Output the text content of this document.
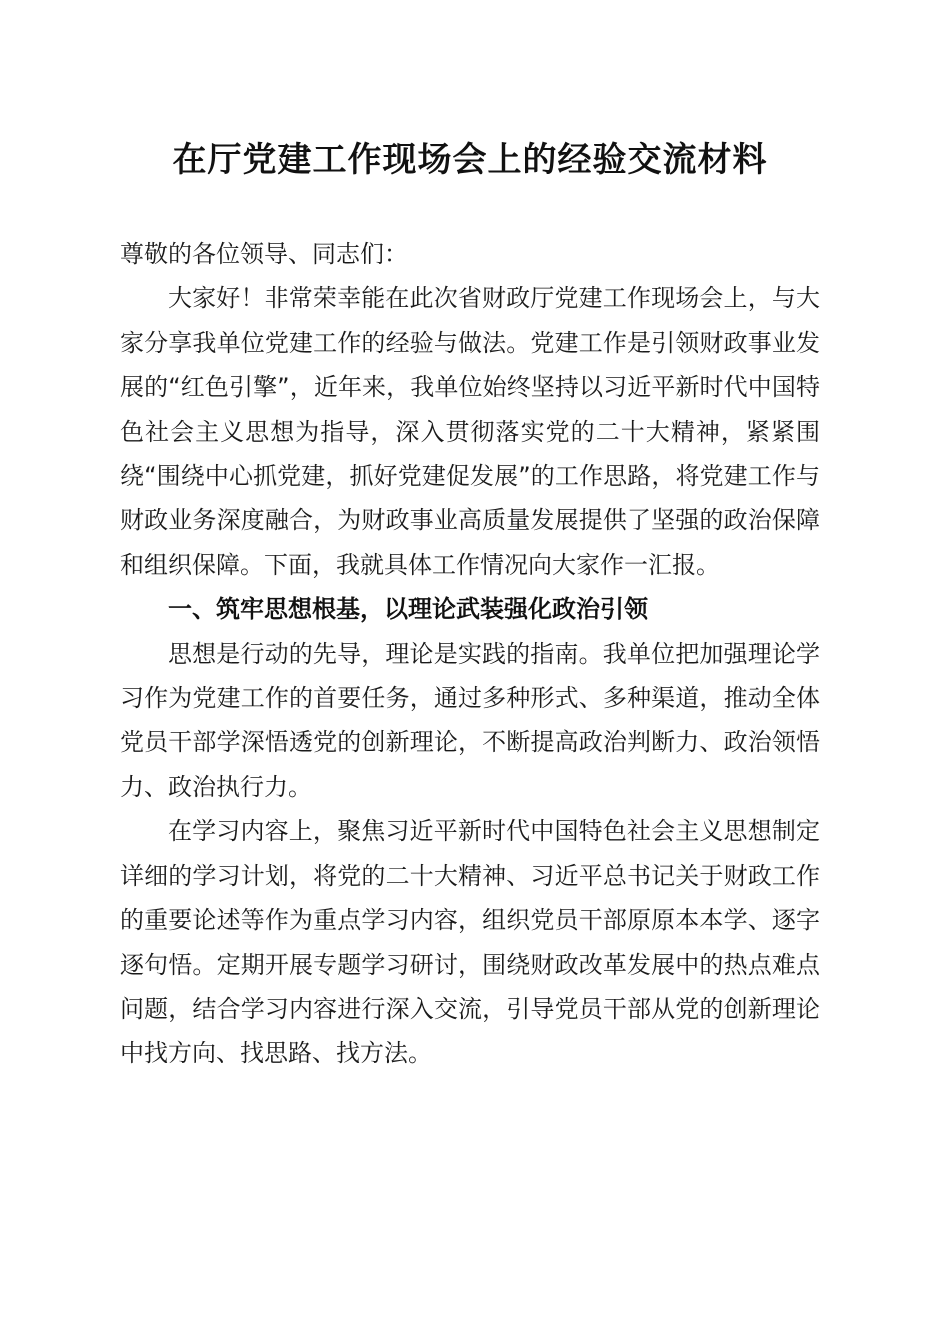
在厅党建工作现场会上的经验交流材料

尊敬的各位领导、同志们：

大家好！非常荣幸能在此次省财政厅党建工作现场会上，与大家分享我单位党建工作的经验与做法。党建工作是引领财政事业发展的“红色引擎”，近年来，我单位始终坚持以习近平新时代中国特色社会主义思想为指导，深入贯彻落实党的二十大精神，紧紧围绕“围绕中心抓党建，抓好党建促发展”的工作思路，将党建工作与财政业务深度融合，为财政事业高质量发展提供了坚强的政治保障和组织保障。下面，我就具体工作情况向大家作一汇报。

一、筑牢思想根基，以理论武装强化政治引领

思想是行动的先导，理论是实践的指南。我单位把加强理论学习作为党建工作的首要任务，通过多种形式、多种渠道，推动全体党员干部学深悟透党的创新理论，不断提高政治判断力、政治领悟力、政治执行力。

在学习内容上，聚焦习近平新时代中国特色社会主义思想制定详细的学习计划，将党的二十大精神、习近平总书记关于财政工作的重要论述等作为重点学习内容，组织党员干部原原本本学、逐字逐句悟。定期开展专题学习研讨，围绕财政改革发展中的热点难点问题，结合学习内容进行深入交流，引导党员干部从党的创新理论中找方向、找思路、找方法。
